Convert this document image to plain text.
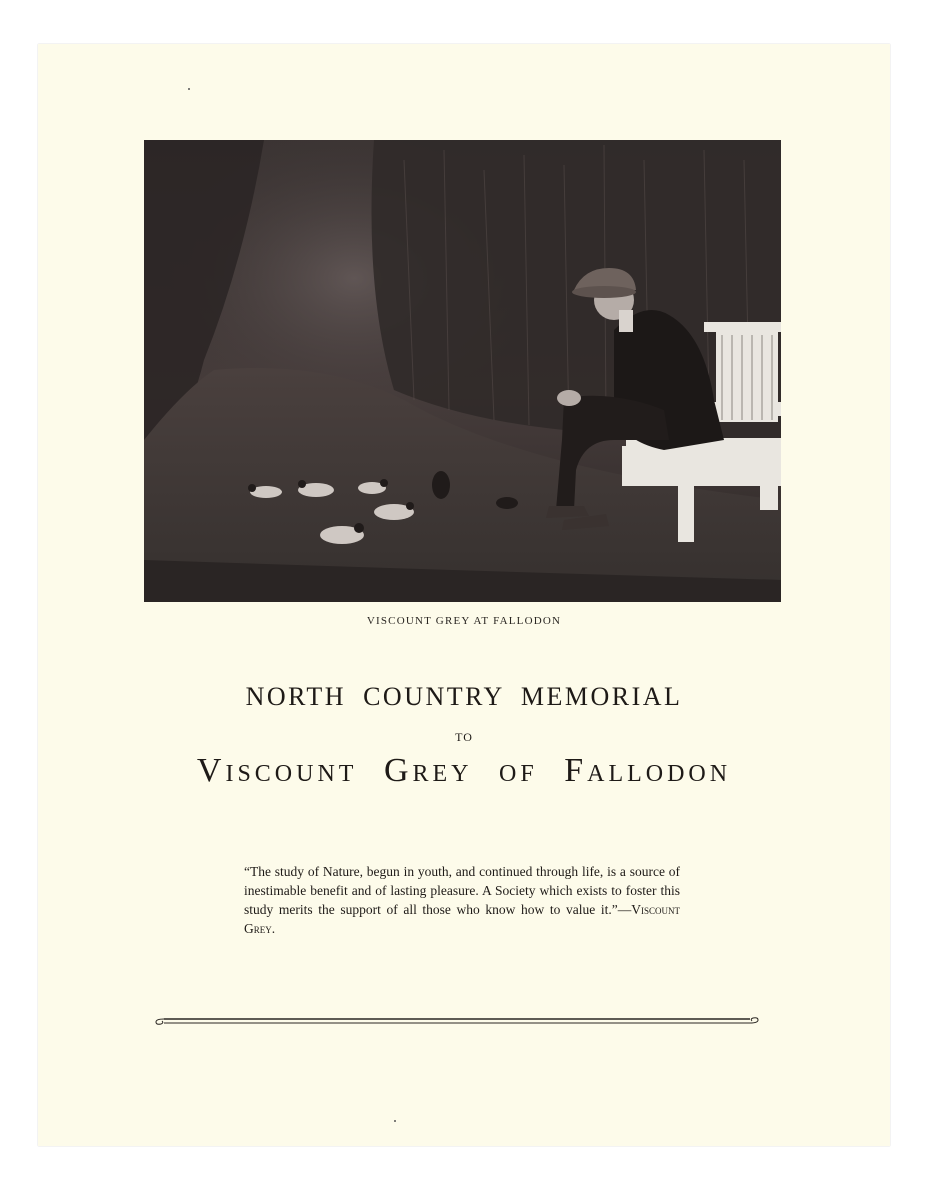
VISCOUNT GREY AT FALLODON
NORTH COUNTRY MEMORIAL
TO
Viscount Grey of Fallodon
“The study of Nature, begun in youth, and continued through life, is a source of inestimable benefit and of lasting pleasure. A Society which exists to foster this study merits the support of all those who know how to value it.”—Viscount Grey.
